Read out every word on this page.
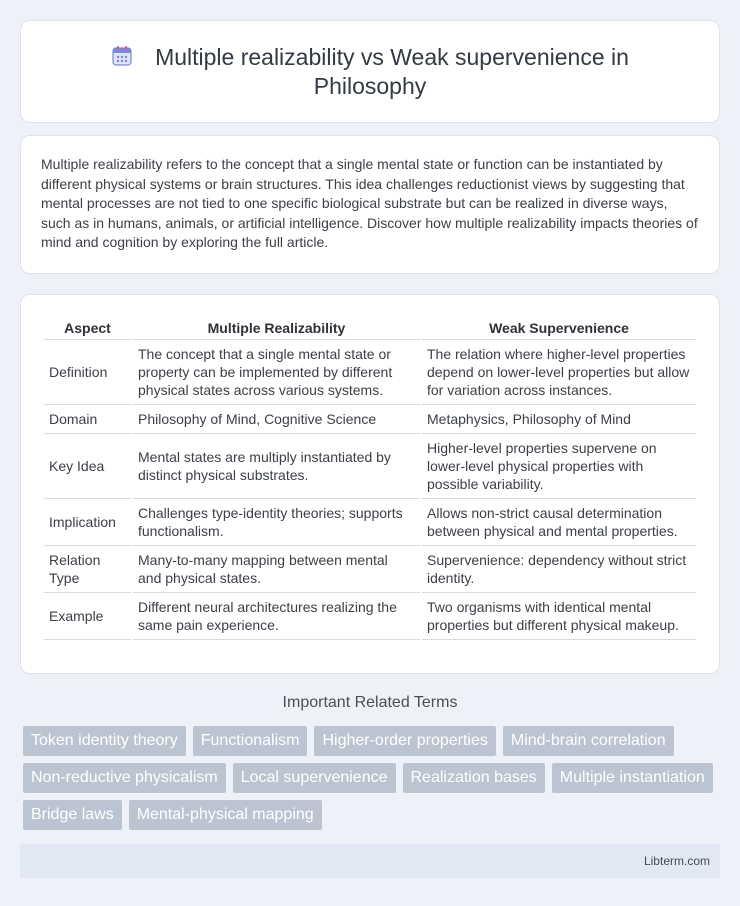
Multiple realizability vs Weak supervenience in Philosophy

Multiple realizability refers to the concept that a single mental state or function can be instantiated by different physical systems or brain structures. This idea challenges reductionist views by suggesting that mental processes are not tied to one specific biological substrate but can be realized in diverse ways, such as in humans, animals, or artificial intelligence. Discover how multiple realizability impacts theories of mind and cognition by exploring the full article.

Aspect	Multiple Realizability	Weak Supervenience
Definition	The concept that a single mental state or property can be implemented by different physical states across various systems.	The relation where higher-level properties depend on lower-level properties but allow for variation across instances.
Domain	Philosophy of Mind, Cognitive Science	Metaphysics, Philosophy of Mind
Key Idea	Mental states are multiply instantiated by distinct physical substrates.	Higher-level properties supervene on lower-level physical properties with possible variability.
Implication	Challenges type-identity theories; supports functionalism.	Allows non-strict causal determination between physical and mental properties.
Relation Type	Many-to-many mapping between mental and physical states.	Supervenience: dependency without strict identity.
Example	Different neural architectures realizing the same pain experience.	Two organisms with identical mental properties but different physical makeup.
Important Related Terms
Token identity theory	Functionalism	Higher-order properties	Mind-brain correlation
Non-reductive physicalism	Local supervenience	Realization bases	Multiple instantiation
Bridge laws	Mental-physical mapping
Libterm.com
